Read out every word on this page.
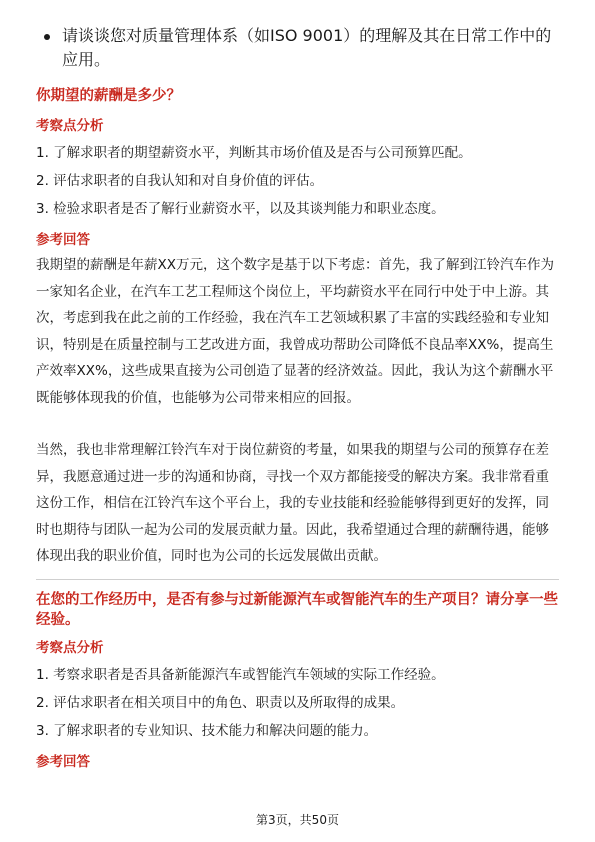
请谈谈您对质量管理体系（如ISO 9001）的理解及其在日常工作中的应用。
你期望的薪酬是多少？
考察点分析
1. 了解求职者的期望薪资水平，判断其市场价值及是否与公司预算匹配。
2. 评估求职者的自我认知和对自身价值的评估。
3. 检验求职者是否了解行业薪资水平，以及其谈判能力和职业态度。
参考回答
我期望的薪酬是年薪XX万元，这个数字是基于以下考虑：首先，我了解到江铃汽车作为一家知名企业，在汽车工艺工程师这个岗位上，平均薪资水平在同行中处于中上游。其次，考虑到我在此之前的工作经验，我在汽车工艺领域积累了丰富的实践经验和专业知识，特别是在质量控制与工艺改进方面，我曾成功帮助公司降低不良品率XX%，提高生产效率XX%，这些成果直接为公司创造了显著的经济效益。因此，我认为这个薪酬水平既能够体现我的价值，也能够为公司带来相应的回报。
当然，我也非常理解江铃汽车对于岗位薪资的考量，如果我的期望与公司的预算存在差异，我愿意通过进一步的沟通和协商，寻找一个双方都能接受的解决方案。我非常看重这份工作，相信在江铃汽车这个平台上，我的专业技能和经验能够得到更好的发挥，同时也期待与团队一起为公司的发展贡献力量。因此，我希望通过合理的薪酬待遇，能够体现出我的职业价值，同时也为公司的长远发展做出贡献。
在您的工作经历中，是否有参与过新能源汽车或智能汽车的生产项目？请分享一些经验。
考察点分析
1. 考察求职者是否具备新能源汽车或智能汽车领域的实际工作经验。
2. 评估求职者在相关项目中的角色、职责以及所取得的成果。
3. 了解求职者的专业知识、技术能力和解决问题的能力。
参考回答
第3页，共50页
